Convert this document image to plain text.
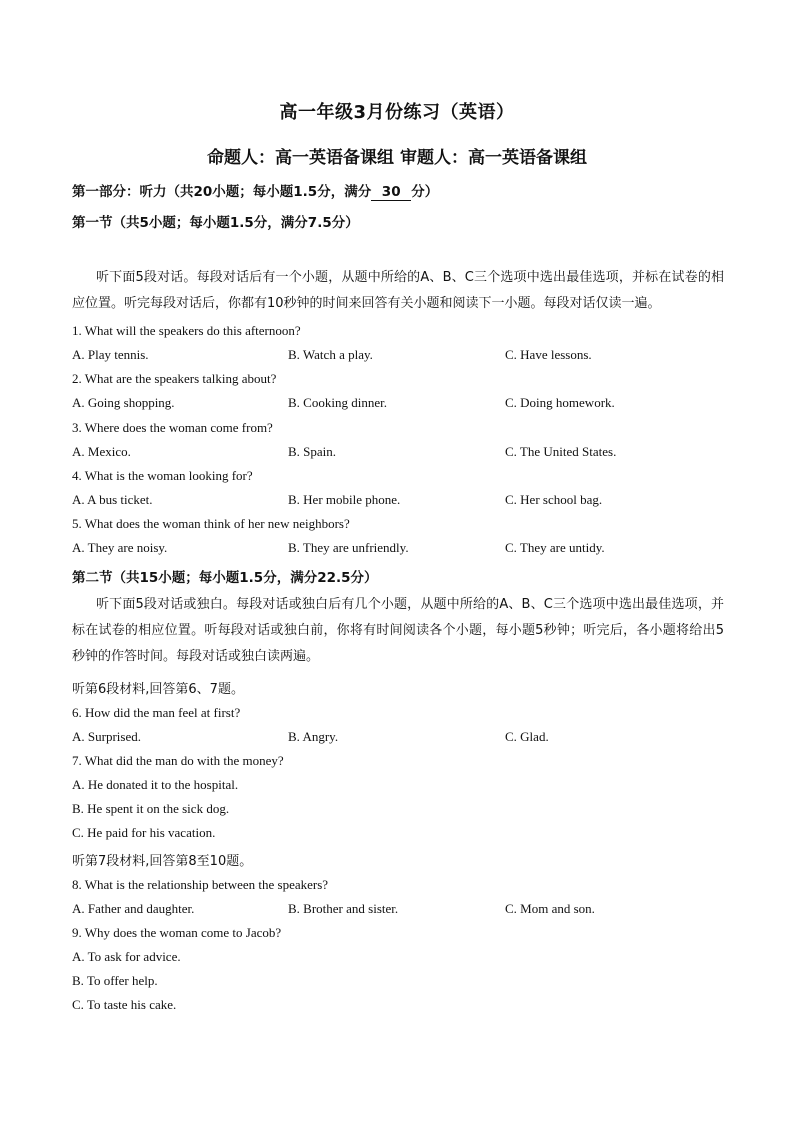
高一年级3月份练习（英语）
命题人：高一英语备课组 审题人：高一英语备课组
第一部分：听力（共20小题；每小题1.5分，满分 30 分）
第一节（共5小题；每小题1.5分，满分7.5分）

听下面5段对话。每段对话后有一个小题，从题中所给的A、B、C三个选项中选出最佳选项，并标在试卷的相应位置。听完每段对话后，你都有10秒钟的时间来回答有关小题和阅读下一小题。每段对话仅读一遍。

1. What will the speakers do this afternoon?
A. Play tennis.	B. Watch a play.	C. Have lessons.
2. What are the speakers talking about?
A. Going shopping.	B. Cooking dinner.	C. Doing homework.
3. Where does the woman come from?
A. Mexico.	B. Spain.	C. The United States.
4. What is the woman looking for?
A. A bus ticket.	B. Her mobile phone.	C. Her school bag.
5. What does the woman think of her new neighbors?
A. They are noisy.	B. They are unfriendly.	C. They are untidy.
第二节（共15小题；每小题1.5分，满分22.5分）

听下面5段对话或独白。每段对话或独白后有几个小题，从题中所给的A、B、C三个选项中选出最佳选项，并标在试卷的相应位置。听每段对话或独白前，你将有时间阅读各个小题，每小题5秒钟；听完后，各小题将给出5秒钟的作答时间。每段对话或独白读两遍。

听第6段材料,回答第6、7题。
6. How did the man feel at first?
A. Surprised.	B. Angry.	C. Glad.
7. What did the man do with the money?
A. He donated it to the hospital.
B. He spent it on the sick dog.
C. He paid for his vacation.
听第7段材料,回答第8至10题。
8. What is the relationship between the speakers?
A. Father and daughter.	B. Brother and sister.	C. Mom and son.
9. Why does the woman come to Jacob?
A. To ask for advice.
B. To offer help.
C. To taste his cake.
